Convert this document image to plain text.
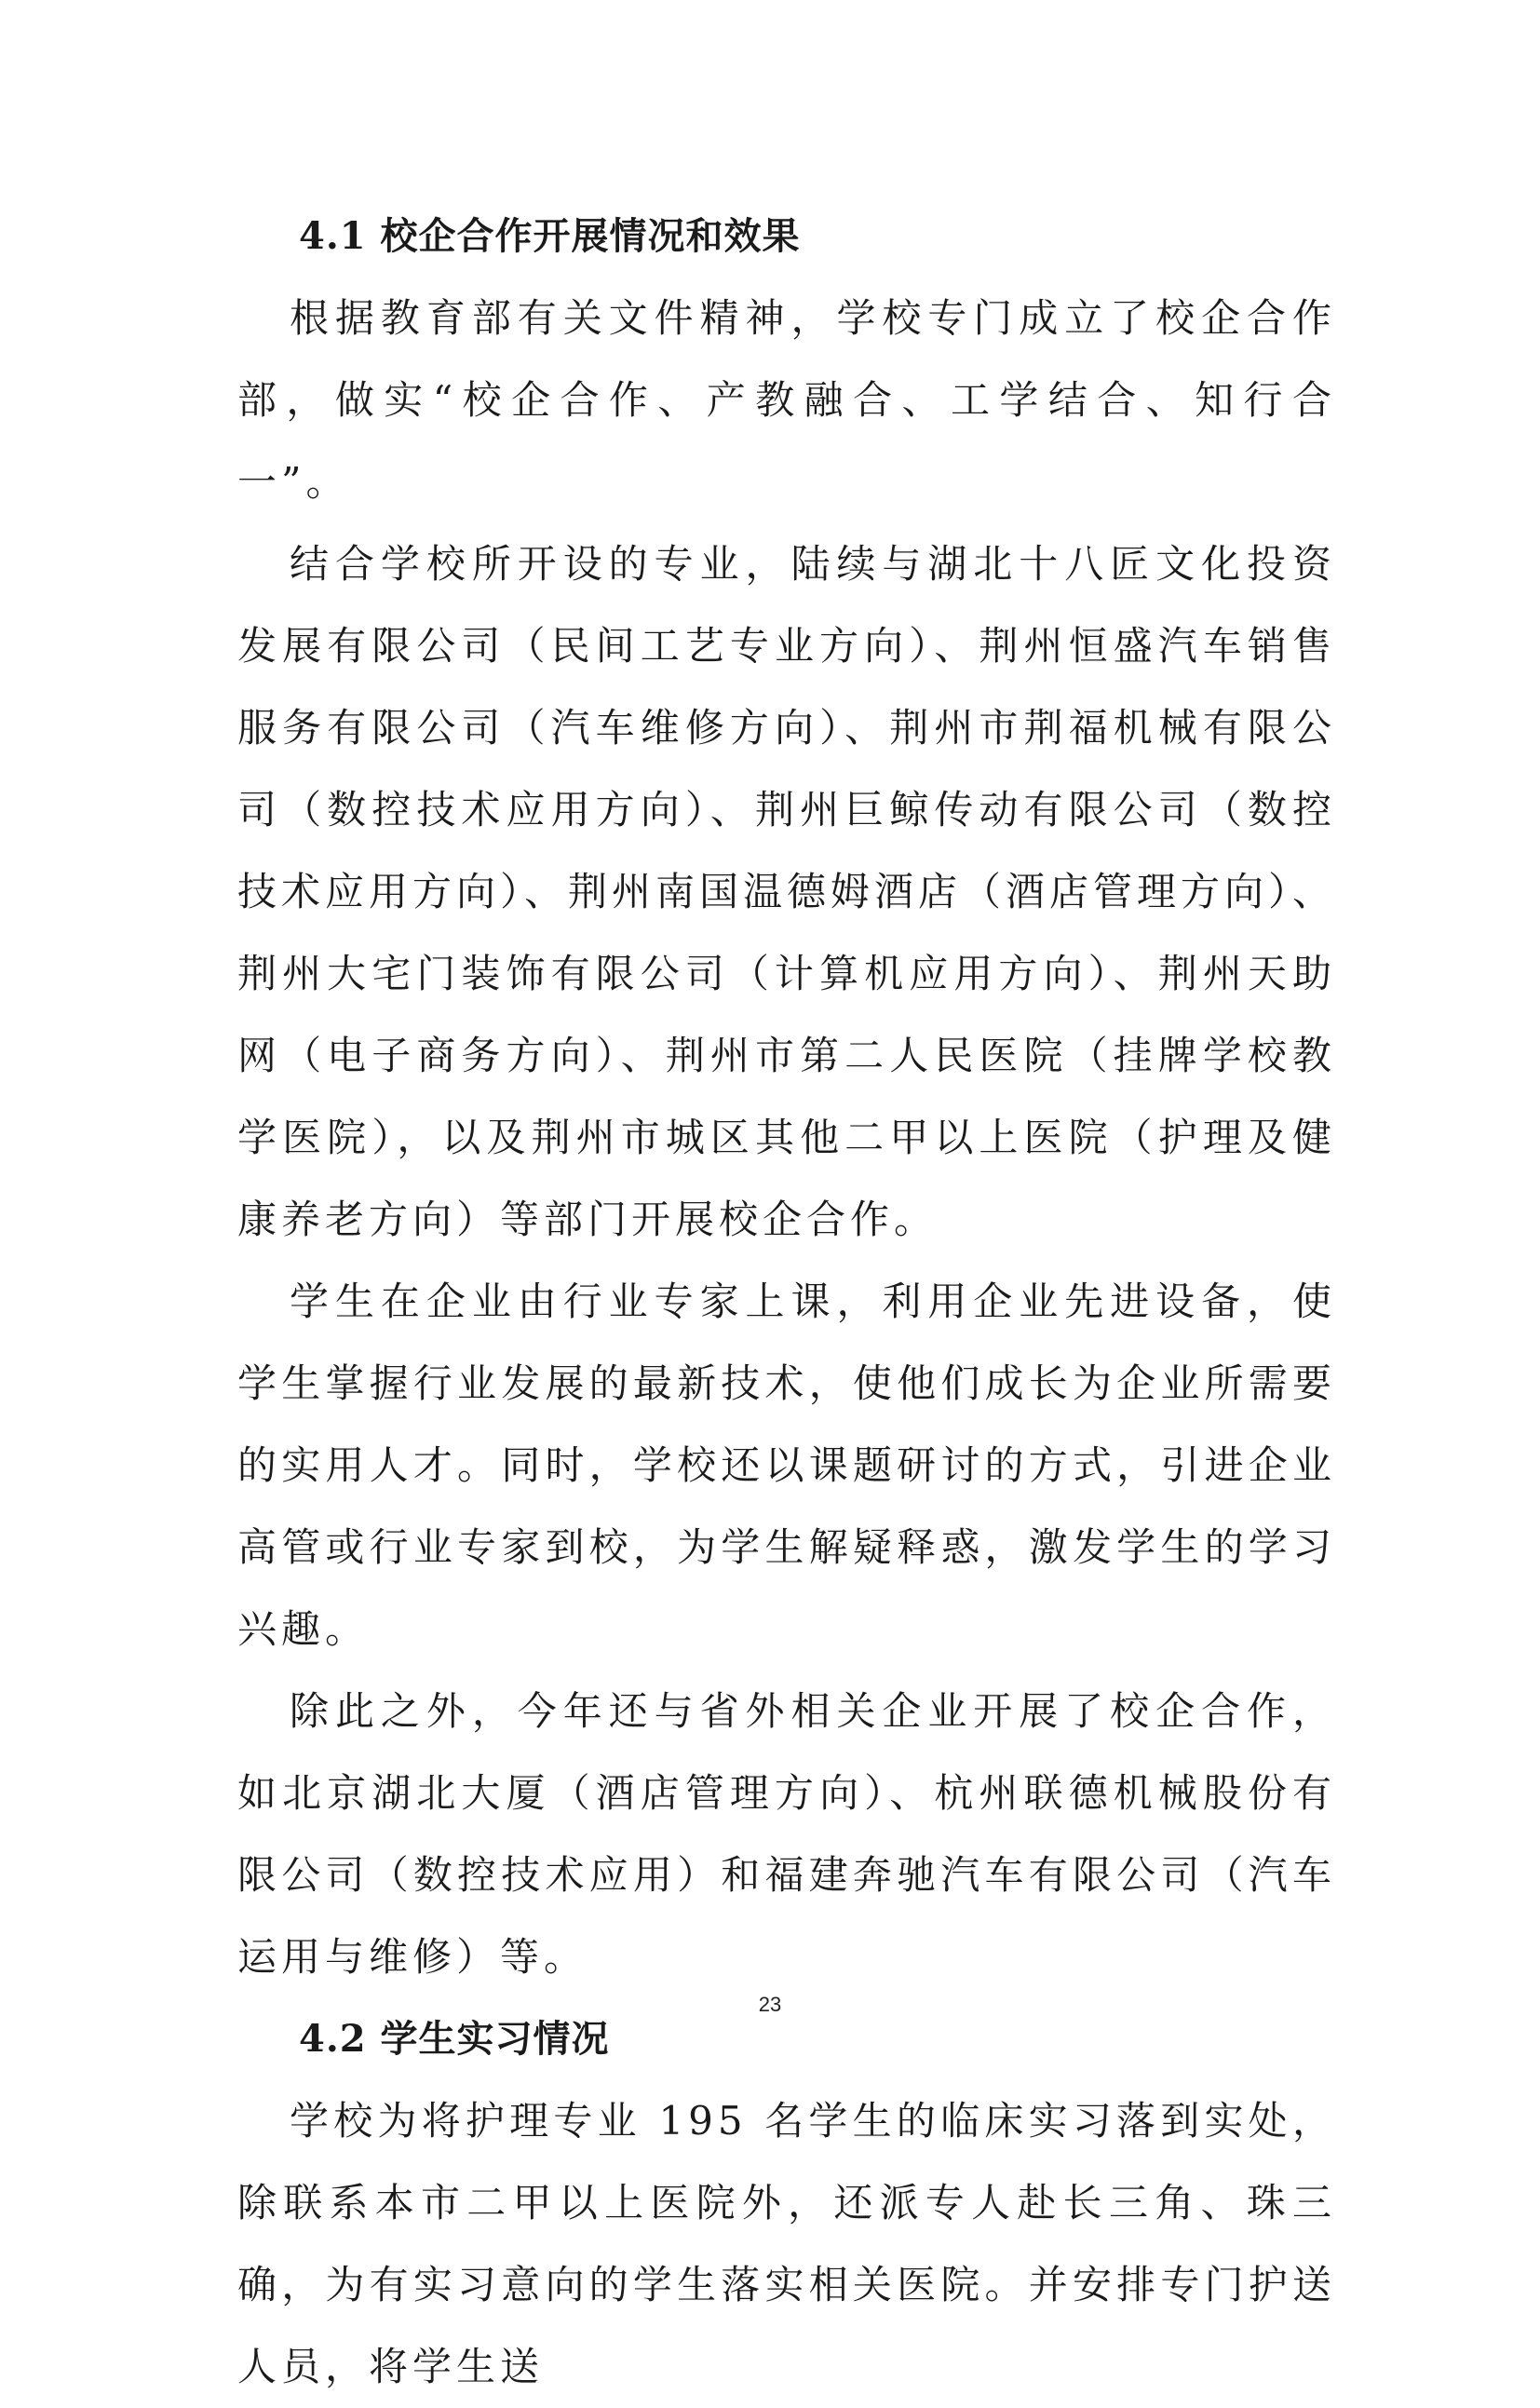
4.1 校企合作开展情况和效果

根据教育部有关文件精神，学校专门成立了校企合作部，做实“校企合作、产教融合、工学结合、知行合一”。

结合学校所开设的专业，陆续与湖北十八匠文化投资发展有限公司（民间工艺专业方向）、荆州恒盛汽车销售服务有限公司（汽车维修方向）、荆州市荆福机械有限公司（数控技术应用方向）、荆州巨鲸传动有限公司（数控技术应用方向）、荆州南国温德姆酒店（酒店管理方向）、荆州大宅门装饰有限公司（计算机应用方向）、荆州天助网（电子商务方向）、荆州市第二人民医院（挂牌学校教学医院），以及荆州市城区其他二甲以上医院（护理及健康养老方向）等部门开展校企合作。

学生在企业由行业专家上课，利用企业先进设备，使学生掌握行业发展的最新技术，使他们成长为企业所需要的实用人才。同时，学校还以课题研讨的方式，引进企业高管或行业专家到校，为学生解疑释惑，激发学生的学习兴趣。

除此之外，今年还与省外相关企业开展了校企合作，如北京湖北大厦（酒店管理方向）、杭州联德机械股份有限公司（数控技术应用）和福建奔驰汽车有限公司（汽车运用与维修）等。

4.2 学生实习情况

学校为将护理专业 195 名学生的临床实习落到实处，除联系本市二甲以上医院外，还派专人赴长三角、珠三确，为有实习意向的学生落实相关医院。并安排专门护送人员，将学生送

23
